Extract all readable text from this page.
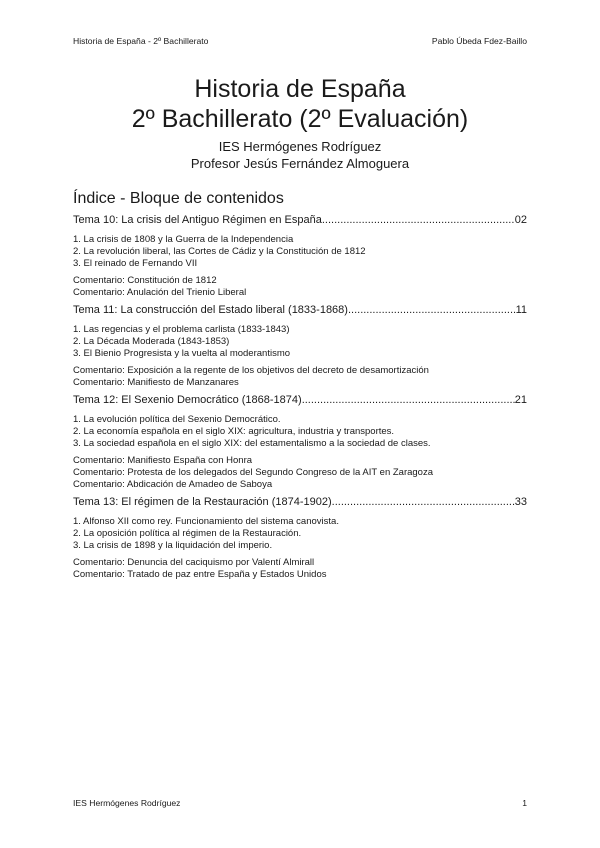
Historia de España - 2º Bachillerato	Pablo Úbeda Fdez-Baillo
Historia de España
2º Bachillerato (2º Evaluación)
IES Hermógenes Rodríguez
Profesor Jesús Fernández Almoguera
Índice - Bloque de contenidos
Tema 10: La crisis del Antiguo Régimen en España .....	02
1. La crisis de 1808 y la Guerra de la Independencia
2. La revolución liberal, las Cortes de Cádiz y la Constitución de 1812
3. El reinado de Fernando VII
Comentario: Constitución de 1812
Comentario: Anulación del Trienio Liberal
Tema 11: La construcción del Estado liberal (1833-1868) .....	11
1. Las regencias y el problema carlista (1833-1843)
2. La Década Moderada (1843-1853)
3. El Bienio Progresista y la vuelta al moderantismo
Comentario: Exposición a la regente de los objetivos del decreto de desamortización
Comentario: Manifiesto de Manzanares
Tema 12: El Sexenio Democrático (1868-1874) .....	21
1. La evolución política del Sexenio Democrático.
2. La economía española en el siglo XIX: agricultura, industria y transportes.
3. La sociedad española en el siglo XIX: del estamentalismo a la sociedad de clases.
Comentario: Manifiesto España con Honra
Comentario: Protesta de los delegados del Segundo Congreso de la AIT en Zaragoza
Comentario: Abdicación de Amadeo de Saboya
Tema 13: El régimen de la Restauración (1874-1902) .....	33
1. Alfonso XII como rey. Funcionamiento del sistema canovista.
2. La oposición política al régimen de la Restauración.
3. La crisis de 1898 y la liquidación del imperio.
Comentario: Denuncia del caciquismo por Valentí Almirall
Comentario: Tratado de paz entre España y Estados Unidos
IES Hermógenes Rodríguez	1
